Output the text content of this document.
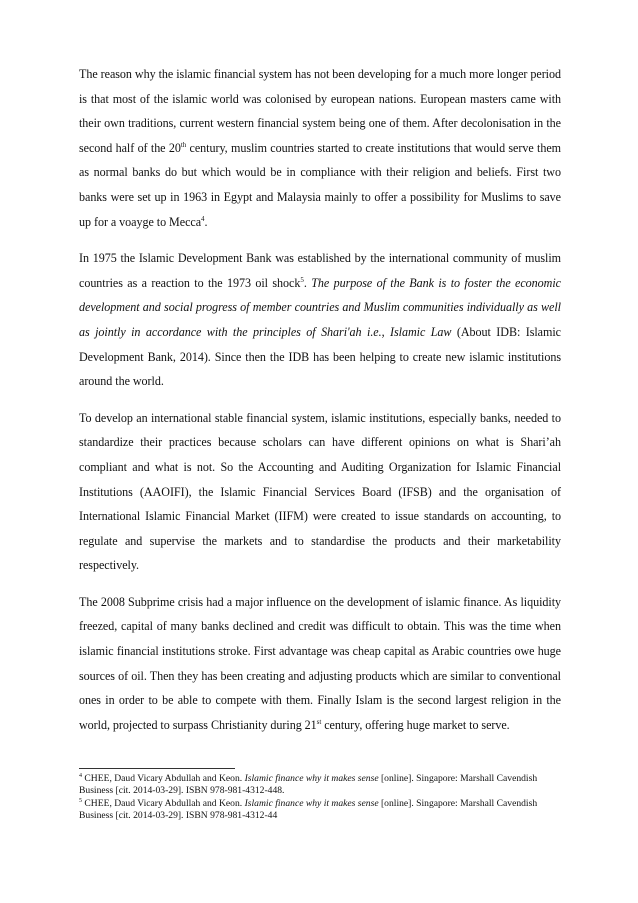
The reason why the islamic financial system has not been developing for a much more longer period is that most of the islamic world was colonised by european nations. European masters came with their own traditions, current western financial system being one of them. After decolonisation in the second half of the 20th century, muslim countries started to create institutions that would serve them as normal banks do but which would be in compliance with their religion and beliefs. First two banks were set up in 1963 in Egypt and Malaysia mainly to offer a possibility for Muslims to save up for a voayge to Mecca$^4$.

In 1975 the Islamic Development Bank was established by the international community of muslim countries as a reaction to the 1973 oil shock$^5$. The purpose of the Bank is to foster the economic development and social progress of member countries and Muslim communities individually as well as jointly in accordance with the principles of Shari'ah i.e., Islamic Law (About IDB: Islamic Development Bank, 2014). Since then the IDB has been helping to create new islamic institutions around the world.

To develop an international stable financial system, islamic institutions, especially banks, needed to standardize their practices because scholars can have different opinions on what is Shari’ah compliant and what is not. So the Accounting and Auditing Organization for Islamic Financial Institutions (AAOIFI), the Islamic Financial Services Board (IFSB) and the organisation of International Islamic Financial Market (IIFM) were created to issue standards on accounting, to regulate and supervise the markets and to standardise the products and their marketability respectively.

The 2008 Subprime crisis had a major influence on the development of islamic finance. As liquidity freezed, capital of many banks declined and credit was difficult to obtain. This was the time when islamic financial institutions stroke. First advantage was cheap capital as Arabic countries owe huge sources of oil. Then they has been creating and adjusting products which are similar to conventional ones in order to be able to compete with them. Finally Islam is the second largest religion in the world, projected to surpass Christianity during 21st century, offering huge market to serve.

$^4$ CHEE, Daud Vicary Abdullah and Keon. Islamic finance why it makes sense [online]. Singapore: Marshall Cavendish Business [cit. 2014-03-29]. ISBN 978-981-4312-448.

$^5$ CHEE, Daud Vicary Abdullah and Keon. Islamic finance why it makes sense [online]. Singapore: Marshall Cavendish Business [cit. 2014-03-29]. ISBN 978-981-4312-44
